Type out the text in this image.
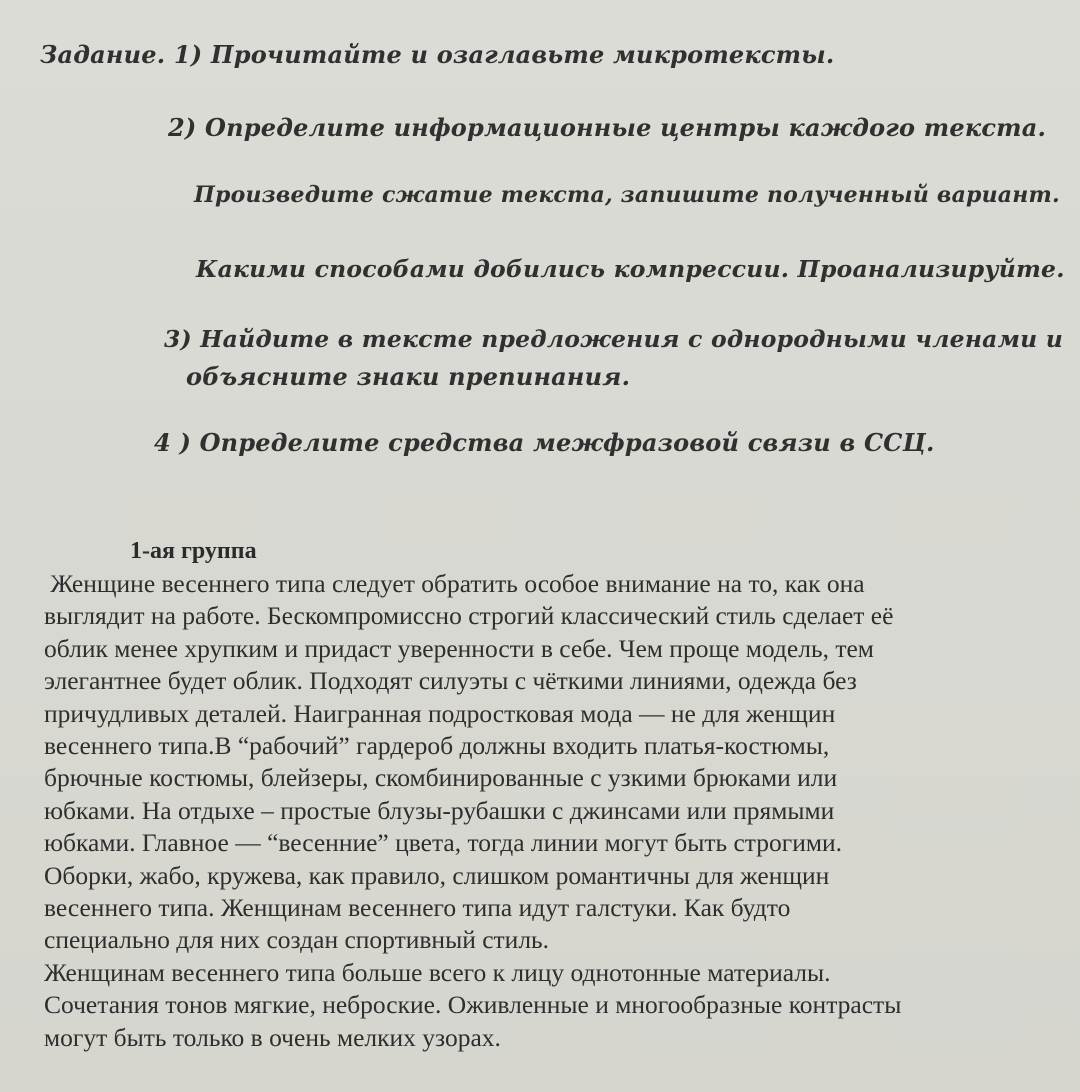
Задание. 1) Прочитайте и озаглавьте микротексты.
2) Определите информационные центры каждого текста.
Произведите сжатие текста, запишите полученный вариант.
Какими способами добились компрессии. Проанализируйте.
3) Найдите в тексте предложения с однородными членами и
объясните знаки препинания.
4 ) Определите средства межфразовой связи в ССЦ.
1-ая группа
Женщине весеннего типа следует обратить особое внимание на то, как она
выглядит на работе. Бескомпромиссно строгий классический стиль сделает её
облик менее хрупким и придаст уверенности в себе. Чем проще модель, тем
элегантнее будет облик. Подходят силуэты с чёткими линиями, одежда без
причудливых деталей. Наигранная подростковая мода — не для женщин
весеннего типа.В “рабочий” гардероб должны входить платья-костюмы,
брючные костюмы, блейзеры, скомбинированные с узкими брюками или
юбками. На отдыхе – простые блузы-рубашки с джинсами или прямыми
юбками. Главное — “весенние” цвета, тогда линии могут быть строгими.
Оборки, жабо, кружева, как правило, слишком романтичны для женщин
весеннего типа. Женщинам весеннего типа идут галстуки. Как будто
специально для них создан спортивный стиль.
Женщинам весеннего типа больше всего к лицу однотонные материалы.
Сочетания тонов мягкие, неброские. Оживленные и многообразные контрасты
могут быть только в очень мелких узорах.
